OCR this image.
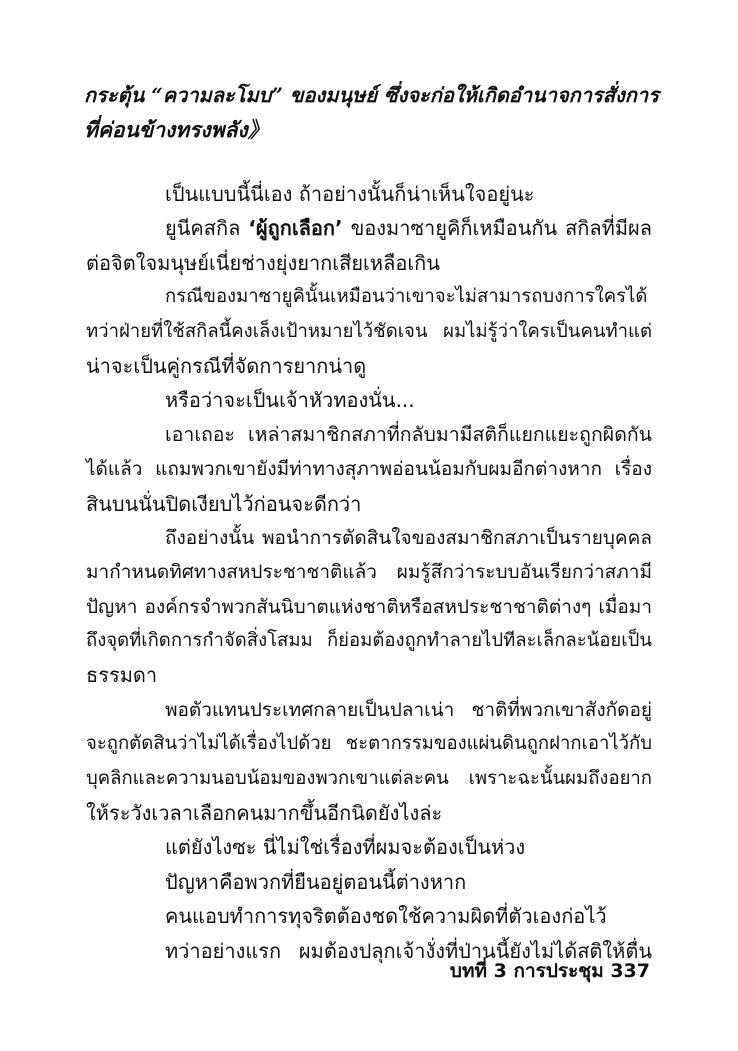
กระตุ้น “ความละโมบ” ของมนุษย์ ซึ่งจะก่อให้เกิดอำนาจการสั่งการ
ที่ค่อนข้างทรงพลัง》
เป็นแบบนี้นี่เอง ถ้าอย่างนั้นก็น่าเห็นใจอยู่นะ
ยูนีคสกิล ‘ผู้ถูกเลือก’ ของมาซายูคิก็เหมือนกัน สกิลที่มีผล
ต่อจิตใจมนุษย์เนี่ยช่างยุ่งยากเสียเหลือเกิน
กรณีของมาซายูคินั้นเหมือนว่าเขาจะไม่สามารถบงการใครได้
ทว่าฝ่ายที่ใช้สกิลนี้คงเล็งเป้าหมายไว้ชัดเจน ผมไม่รู้ว่าใครเป็นคนทำแต่
น่าจะเป็นคู่กรณีที่จัดการยากน่าดู
หรือว่าจะเป็นเจ้าหัวทองนั่น...
เอาเถอะ เหล่าสมาชิกสภาที่กลับมามีสติก็แยกแยะถูกผิดกัน
ได้แล้ว แถมพวกเขายังมีท่าทางสุภาพอ่อนน้อมกับผมอีกต่างหาก เรื่อง
สินบนนั่นปิดเงียบไว้ก่อนจะดีกว่า
ถึงอย่างนั้น พอนำการตัดสินใจของสมาชิกสภาเป็นรายบุคคล
มากำหนดทิศทางสหประชาชาติแล้ว ผมรู้สึกว่าระบบอันเรียกว่าสภามี
ปัญหา องค์กรจำพวกสันนิบาตแห่งชาติหรือสหประชาชาติต่างๆ เมื่อมา
ถึงจุดที่เกิดการกำจัดสิ่งโสมม ก็ย่อมต้องถูกทำลายไปทีละเล็กละน้อยเป็น
ธรรมดา
พอตัวแทนประเทศกลายเป็นปลาเน่า ชาติที่พวกเขาสังกัดอยู่
จะถูกตัดสินว่าไม่ได้เรื่องไปด้วย ชะตากรรมของแผ่นดินถูกฝากเอาไว้กับ
บุคลิกและความนอบน้อมของพวกเขาแต่ละคน เพราะฉะนั้นผมถึงอยาก
ให้ระวังเวลาเลือกคนมากขึ้นอีกนิดยังไงล่ะ
แต่ยังไงซะ นี่ไม่ใช่เรื่องที่ผมจะต้องเป็นห่วง
ปัญหาคือพวกที่ยืนอยู่ตอนนี้ต่างหาก
คนแอบทำการทุจริตต้องชดใช้ความผิดที่ตัวเองก่อไว้
ทว่าอย่างแรก ผมต้องปลุกเจ้างั่งที่ป่านนี้ยังไม่ได้สติให้ตื่น
บทที่ 3 การประชุม 337
